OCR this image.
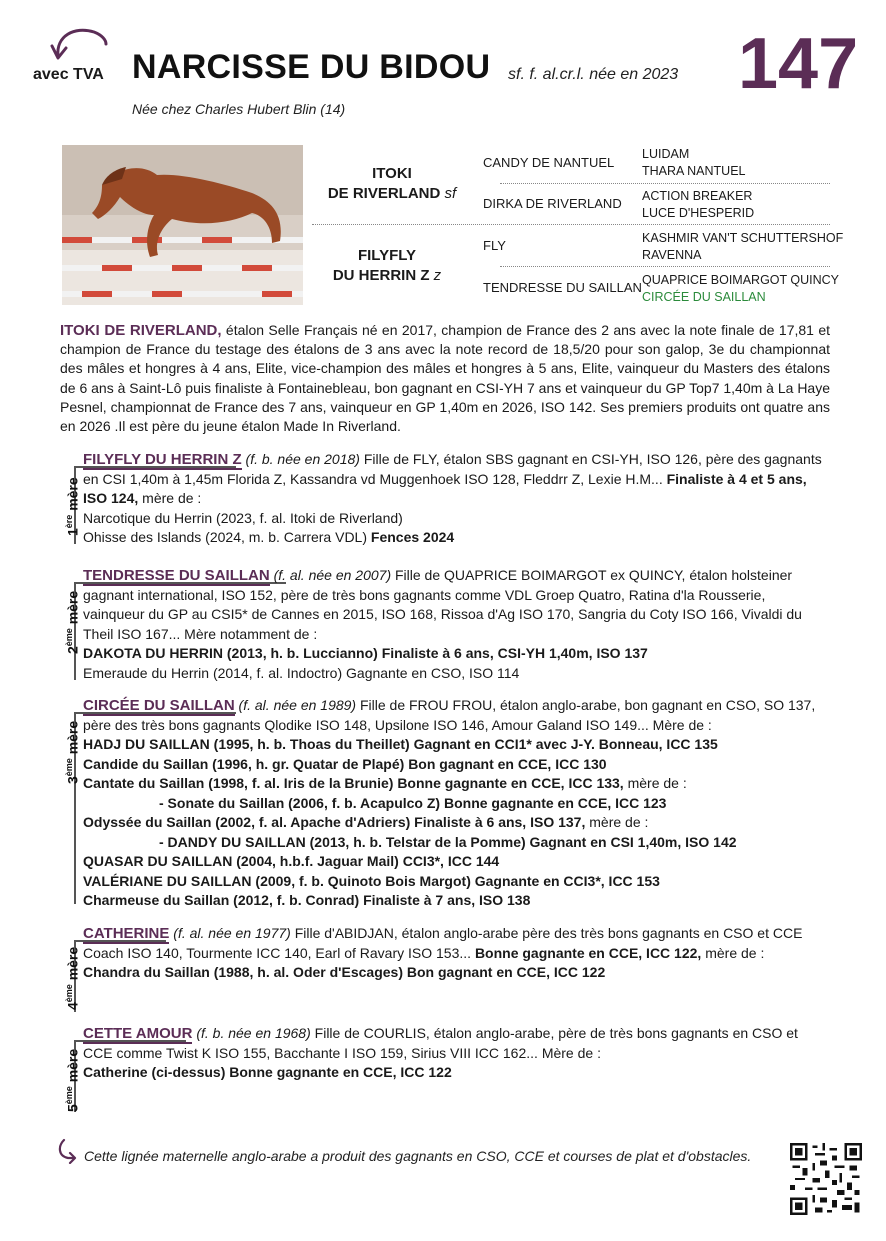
avec TVA NARCISSE DU BIDOU sf. f. al.cr.l. née en 2023 147
Née chez Charles Hubert Blin (14)
ITOKI
DE RIVERLAND sf
FILYFLY
DU HERRIN Z z
CANDY DE NANTUEL
DIRKA DE RIVERLAND
FLY
TENDRESSE DU SAILLAN
LUIDAM
THARA NANTUEL
ACTION BREAKER
LUCE D'HESPERID
KASHMIR VAN'T SCHUTTERSHOF
RAVENNA
QUAPRICE BOIMARGOT QUINCY
CIRCÉE DU SAILLAN
ITOKI DE RIVERLAND, étalon Selle Français né en 2017, champion de France des 2 ans avec la note finale de 17,81 et champion de France du testage des étalons de 3 ans avec la note record de 18,5/20 pour son galop, 3e du championnat des mâles et hongres à 4 ans, Elite, vice-champion des mâles et hongres à 5 ans, Elite, vainqueur du Masters des étalons de 6 ans à Saint-Lô puis finaliste à Fontainebleau, bon gagnant en CSI-YH 7 ans et vainqueur du GP Top7 1,40m à La Haye Pesnel, championnat de France des 7 ans, vainqueur en GP 1,40m en 2026, ISO 142. Ses premiers produits ont quatre ans en 2026 .Il est père du jeune étalon Made In Riverland.
1ère mère
FILYFLY DU HERRIN Z (f. b. née en 2018) Fille de FLY, étalon SBS gagnant en CSI-YH, ISO 126, père des gagnants en CSI 1,40m à 1,45m Florida Z, Kassandra vd Muggenhoek ISO 128, Fleddrr Z, Lexie H.M... Finaliste à 4 et 5 ans, ISO 124, mère de :
Narcotique du Herrin (2023, f. al. Itoki de Riverland)
Ohisse des Islands (2024, m. b. Carrera VDL) Fences 2024
2ème mère
TENDRESSE DU SAILLAN (f. al. née en 2007) Fille de QUAPRICE BOIMARGOT ex QUINCY, étalon holsteiner gagnant international, ISO 152, père de très bons gagnants comme VDL Groep Quatro, Ratina d'la Rousserie, vainqueur du GP au CSI5* de Cannes en 2015, ISO 168, Rissoa d'Ag ISO 170, Sangria du Coty ISO 166, Vivaldi du Theil ISO 167... Mère notamment de :
DAKOTA DU HERRIN (2013, h. b. Luccianno) Finaliste à 6 ans, CSI-YH 1,40m, ISO 137
Emeraude du Herrin (2014, f. al. Indoctro) Gagnante en CSO, ISO 114
3ème mère
CIRCÉE DU SAILLAN (f. al. née en 1989) Fille de FROU FROU, étalon anglo-arabe, bon gagnant en CSO, SO 137, père des très bons gagnants Qlodike ISO 148, Upsilone ISO 146, Amour Galand ISO 149... Mère de :
HADJ DU SAILLAN (1995, h. b. Thoas du Theillet) Gagnant en CCI1* avec J-Y. Bonneau, ICC 135
Candide du Saillan (1996, h. gr. Quatar de Plapé) Bon gagnant en CCE, ICC 130
Cantate du Saillan (1998, f. al. Iris de la Brunie) Bonne gagnante en CCE, ICC 133, mère de :
- Sonate du Saillan (2006, f. b. Acapulco Z) Bonne gagnante en CCE, ICC 123
Odyssée du Saillan (2002, f. al. Apache d'Adriers) Finaliste à 6 ans, ISO 137, mère de :
- DANDY DU SAILLAN (2013, h. b. Telstar de la Pomme) Gagnant en CSI 1,40m, ISO 142
QUASAR DU SAILLAN (2004, h.b.f. Jaguar Mail) CCI3*, ICC 144
VALÉRIANE DU SAILLAN (2009, f. b. Quinoto Bois Margot) Gagnante en CCI3*, ICC 153
Charmeuse du Saillan (2012, f. b. Conrad) Finaliste à 7 ans, ISO 138
4ème mère
CATHERINE (f. al. née en 1977) Fille d'ABIDJAN, étalon anglo-arabe père des très bons gagnants en CSO et CCE Coach ISO 140, Tourmente ICC 140, Earl of Ravary ISO 153... Bonne gagnante en CCE, ICC 122, mère de :
Chandra du Saillan (1988, h. al. Oder d'Escages) Bon gagnant en CCE, ICC 122
5ème mère
CETTE AMOUR (f. b. née en 1968) Fille de COURLIS, étalon anglo-arabe, père de très bons gagnants en CSO et CCE comme Twist K ISO 155, Bacchante I ISO 159, Sirius VIII ICC 162... Mère de :
Catherine (ci-dessus) Bonne gagnante en CCE, ICC 122
Cette lignée maternelle anglo-arabe a produit des gagnants en CSO, CCE et courses de plat et d'obstacles.
